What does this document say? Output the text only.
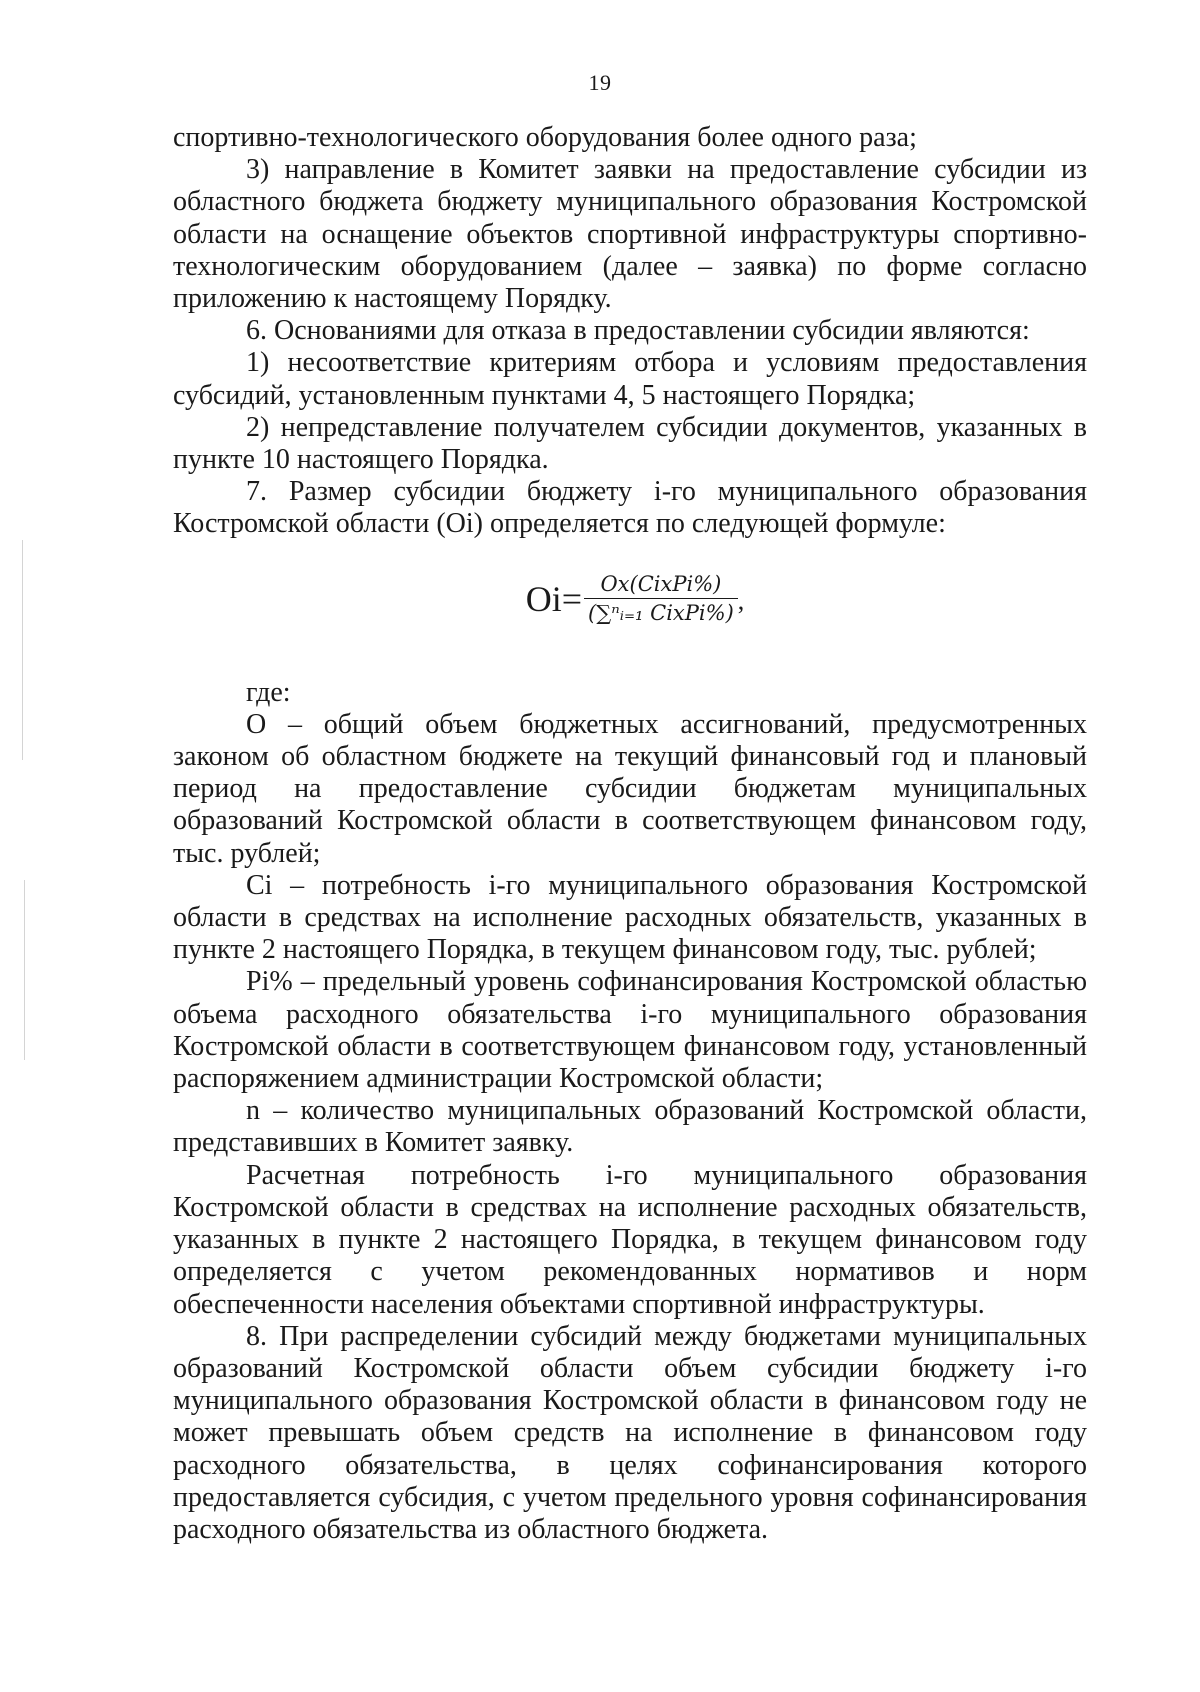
19

спортивно-технологического оборудования более одного раза;

3) направление в Комитет заявки на предоставление субсидии из областного бюджета бюджету муниципального образования Костромской области на оснащение объектов спортивной инфраструктуры спортивно-технологическим оборудованием (далее – заявка) по форме согласно приложению к настоящему Порядку.

6. Основаниями для отказа в предоставлении субсидии являются:

1) несоответствие критериям отбора и условиям предоставления субсидий, установленным пунктами 4, 5 настоящего Порядка;

2) непредставление получателем субсидии документов, указанных в пункте 10 настоящего Порядка.

7. Размер субсидии бюджету i-го муниципального образования Костромской области (Оi) определяется по следующей формуле:

$Oi= \frac{\text{Ox(CixPi\%)}}{\text{(∑ⁿᵢ₌₁ CixPi\%)}}$ ,

где:

О – общий объем бюджетных ассигнований, предусмотренных законом об областном бюджете на текущий финансовый год и плановый период на предоставление субсидии бюджетам муниципальных образований Костромской области в соответствующем финансовом году, тыс. рублей;

Ci – потребность i-го муниципального образования Костромской области в средствах на исполнение расходных обязательств, указанных в пункте 2 настоящего Порядка, в текущем финансовом году, тыс. рублей;

Pi% – предельный уровень софинансирования Костромской областью объема расходного обязательства i-го муниципального образования Костромской области в соответствующем финансовом году, установленный распоряжением администрации Костромской области;

n – количество муниципальных образований Костромской области, представивших в Комитет заявку.

Расчетная потребность i-го муниципального образования Костромской области в средствах на исполнение расходных обязательств, указанных в пункте 2 настоящего Порядка, в текущем финансовом году определяется с учетом рекомендованных нормативов и норм обеспеченности населения объектами спортивной инфраструктуры.

8. При распределении субсидий между бюджетами муниципальных образований Костромской области объем субсидии бюджету i-го муниципального образования Костромской области в финансовом году не может превышать объем средств на исполнение в финансовом году расходного обязательства, в целях софинансирования которого предоставляется субсидия, с учетом предельного уровня софинансирования расходного обязательства из областного бюджета.
